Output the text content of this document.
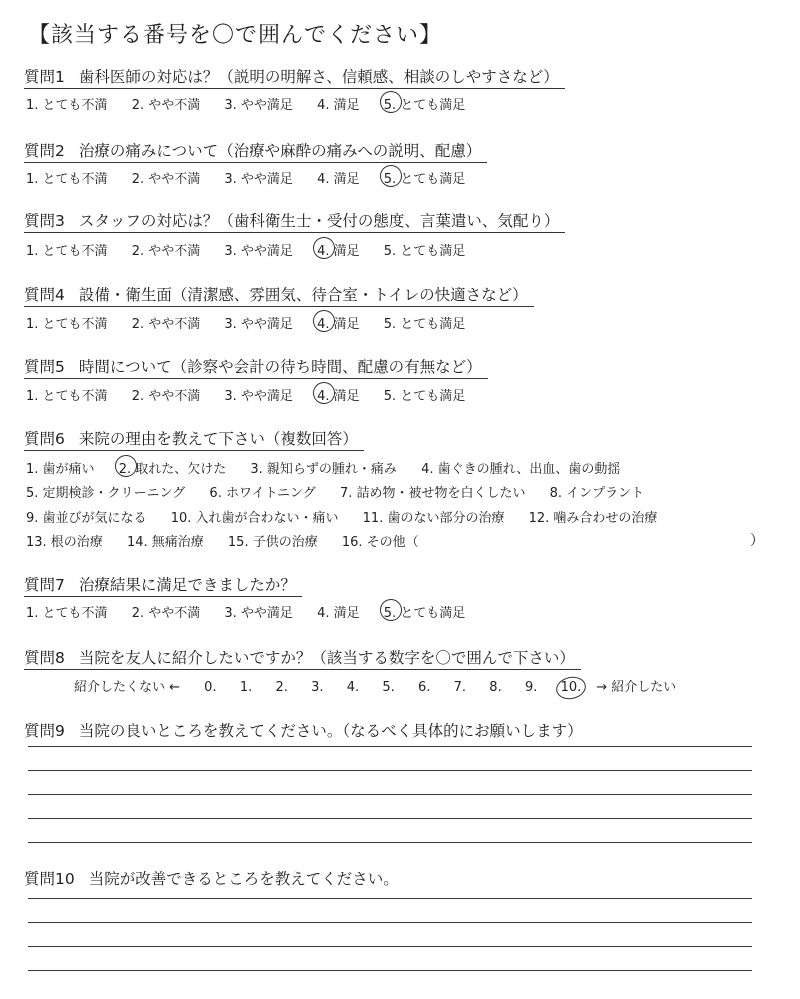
【該当する番号を〇で囲んでください】
質問1 歯科医師の対応は？（説明の明解さ、信頼感、相談のしやすさなど）
1. とても不満 2. やや不満 3. やや満足 4. 満足 5. とても満足
質問2 治療の痛みについて（治療や麻酔の痛みへの説明、配慮）
1. とても不満 2. やや不満 3. やや満足 4. 満足 5. とても満足
質問3 スタッフの対応は？（歯科衛生士・受付の態度、言葉遣い、気配り）
1. とても不満 2. やや不満 3. やや満足 4. 満足 5. とても満足
質問4 設備・衛生面（清潔感、雰囲気、待合室・トイレの快適さなど）
1. とても不満 2. やや不満 3. やや満足 4. 満足 5. とても満足
質問5 時間について（診察や会計の待ち時間、配慮の有無など）
1. とても不満 2. やや不満 3. やや満足 4. 満足 5. とても満足
質問6 来院の理由を教えて下さい（複数回答）
1. 歯が痛い 2. 取れた、欠けた 3. 親知らずの腫れ・痛み 4. 歯ぐきの腫れ、出血、歯の動揺
5. 定期検診・クリーニング 6. ホワイトニング 7. 詰め物・被せ物を白くしたい 8. インプラント
9. 歯並びが気になる 10. 入れ歯が合わない・痛い 11. 歯のない部分の治療 12. 噛み合わせの治療
13. 根の治療 14. 無痛治療 15. 子供の治療 16. その他（	）
質問7 治療結果に満足できましたか？
1. とても不満 2. やや不満 3. やや満足 4. 満足 5. とても満足
質問8 当院を友人に紹介したいですか？（該当する数字を〇で囲んで下さい）
紹介したくない ← 0. 1. 2. 3. 4. 5. 6. 7. 8. 9. 10. → 紹介したい
質問9 当院の良いところを教えてください。（なるべく具体的にお願いします）
質問10 当院が改善できるところを教えてください。
